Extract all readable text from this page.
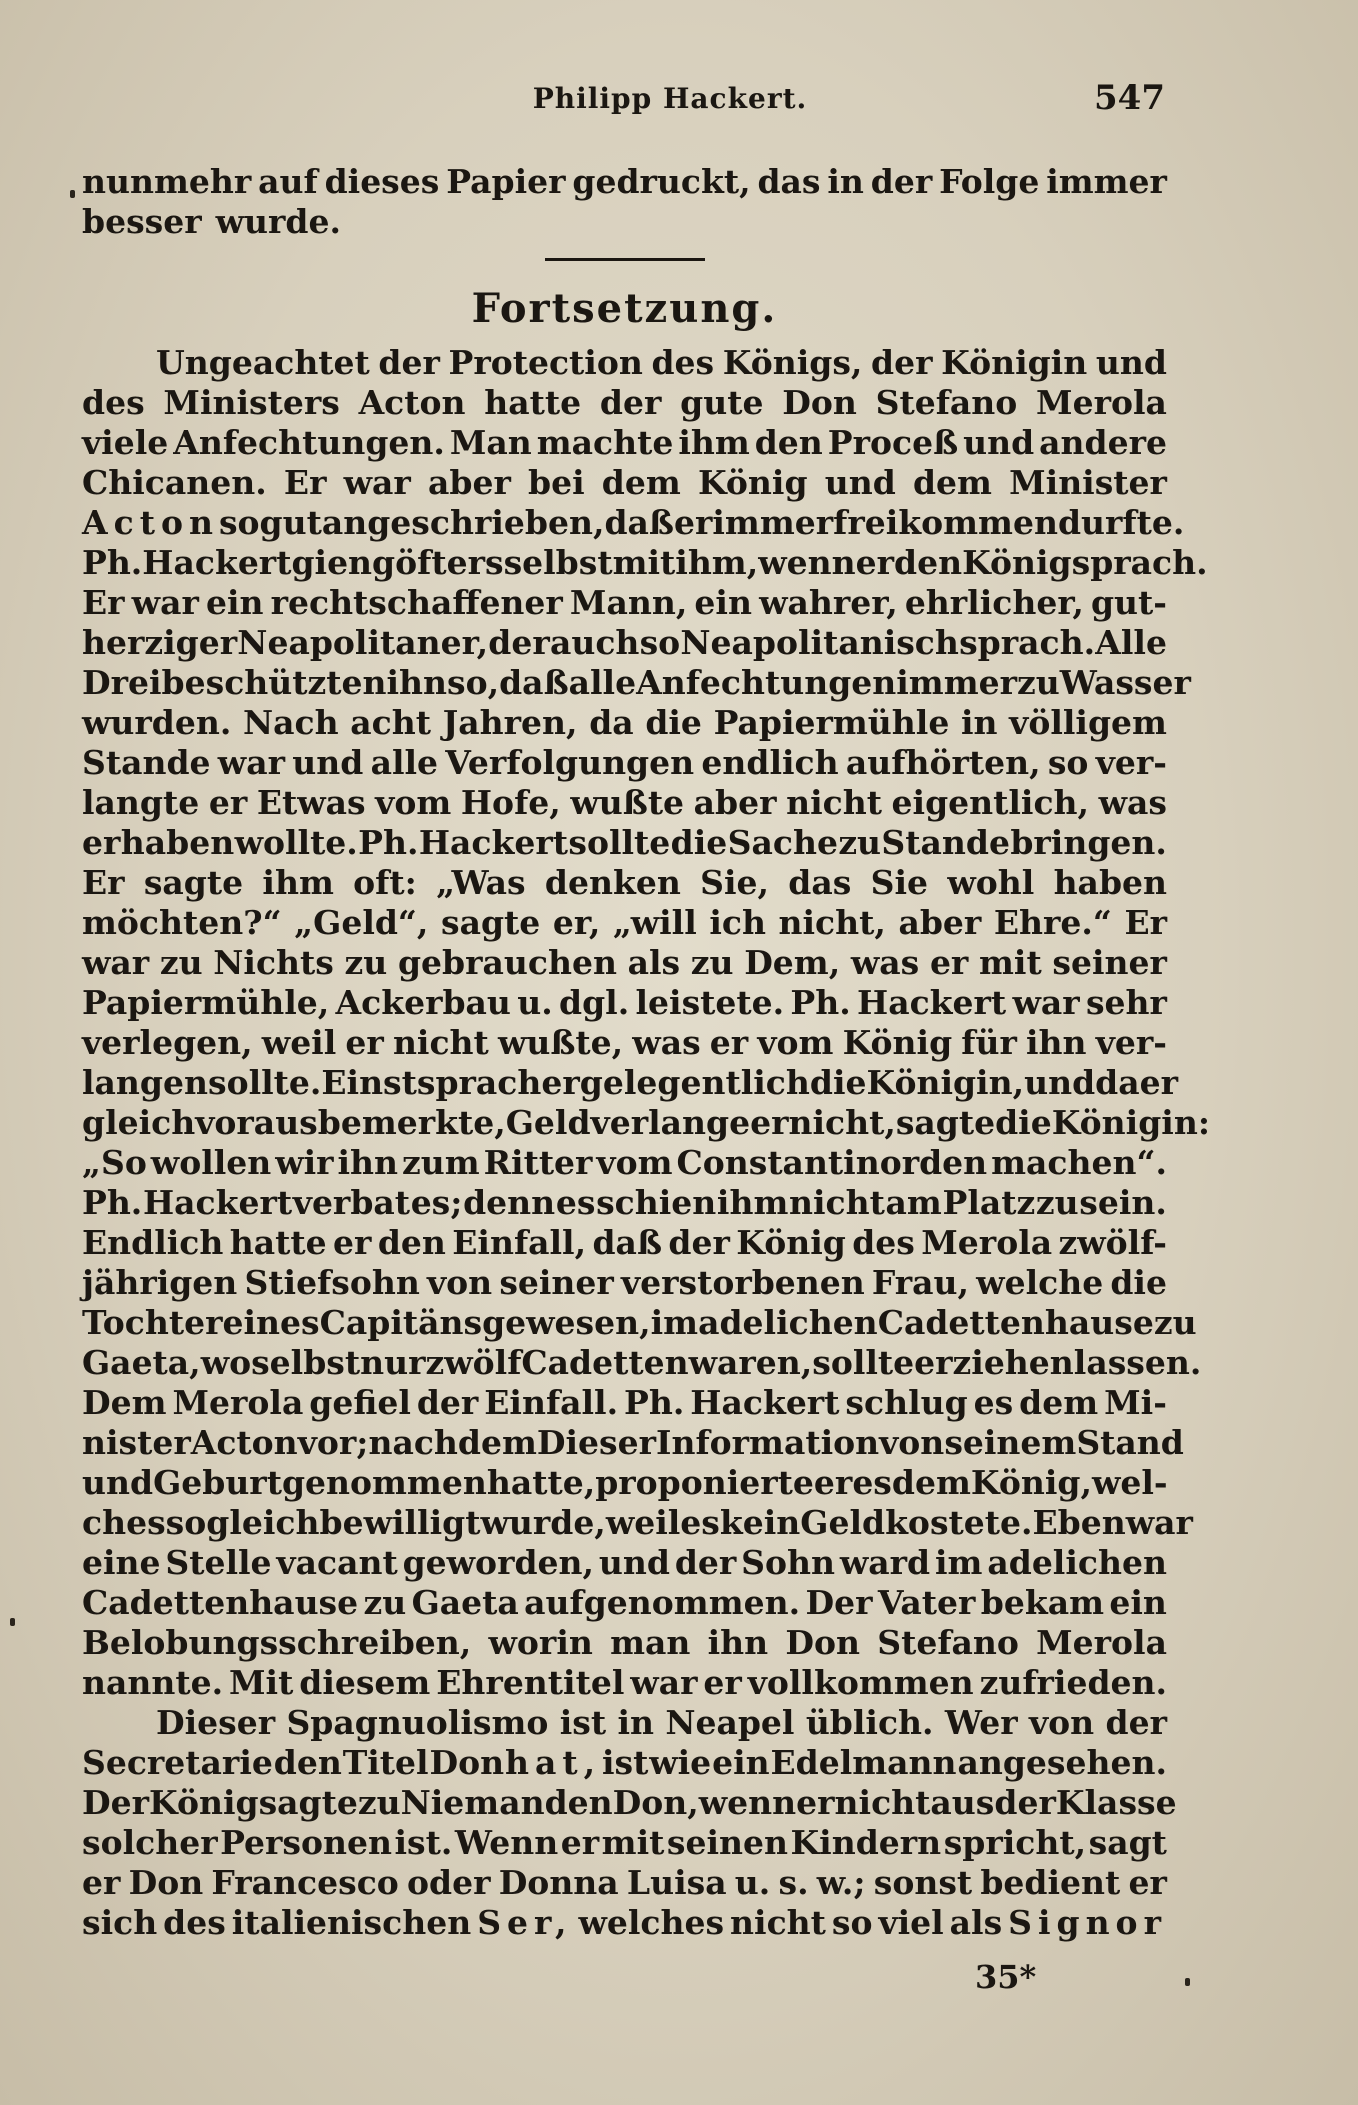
Philipp Hackert.	547
nunmehr auf dieses Papier gedruckt, das in der Folge immer
besser wurde.
Fortsetzung.
Ungeachtet der Protection des Königs, der Königin und
des Ministers Acton hatte der gute Don Stefano Merola
viele Anfechtungen. Man machte ihm den Proceß und andere
Chicanen. Er war aber bei dem König und dem Minister
Acton so gut angeschrieben, daß er immer frei kommen durfte.
Ph. Hackert gieng öfters selbst mit ihm, wenn er den König sprach.
Er war ein rechtschaffener Mann, ein wahrer, ehrlicher, gut-
herziger Neapolitaner, der auch so Neapolitanisch sprach. Alle
Drei beschützten ihn so, daß alle Anfechtungen immer zu Wasser
wurden. Nach acht Jahren, da die Papiermühle in völligem
Stande war und alle Verfolgungen endlich aufhörten, so ver-
langte er Etwas vom Hofe, wußte aber nicht eigentlich, was
er haben wollte. Ph. Hackert sollte die Sache zu Stande bringen.
Er sagte ihm oft: „Was denken Sie, das Sie wohl haben
möchten?“ „Geld“, sagte er, „will ich nicht, aber Ehre.“ Er
war zu Nichts zu gebrauchen als zu Dem, was er mit seiner
Papiermühle, Ackerbau u. dgl. leistete. Ph. Hackert war sehr
verlegen, weil er nicht wußte, was er vom König für ihn ver-
langen sollte. Einst sprach er gelegentlich die Königin, und da er
gleich voraus bemerkte, Geld verlange er nicht, sagte die Königin:
„So wollen wir ihn zum Ritter vom Constantinorden machen“.
Ph. Hackert verbat es; denn es schien ihm nicht am Platz zu sein.
Endlich hatte er den Einfall, daß der König des Merola zwölf-
jährigen Stiefsohn von seiner verstorbenen Frau, welche die
Tochter eines Capitäns gewesen, im adelichen Cadettenhause zu
Gaeta, woselbst nur zwölf Cadetten waren, sollte erziehen lassen.
Dem Merola gefiel der Einfall. Ph. Hackert schlug es dem Mi-
nister Acton vor; nachdem Dieser Information von seinem Stand
und Geburt genommen hatte, proponierte er es dem König, wel-
ches sogleich bewilligt wurde, weil es kein Geld kostete. Eben war
eine Stelle vacant geworden, und der Sohn ward im adelichen
Cadettenhause zu Gaeta aufgenommen. Der Vater bekam ein
Belobungsschreiben, worin man ihn Don Stefano Merola
nannte. Mit diesem Ehrentitel war er vollkommen zufrieden.
Dieser Spagnuolismo ist in Neapel üblich. Wer von der
Secretarie den Titel Don hat, ist wie ein Edelmann angesehen.
Der König sagte zu Niemanden Don, wenn er nicht aus der Klasse
solcher Personen ist. Wenn er mit seinen Kindern spricht, sagt
er Don Francesco oder Donna Luisa u. s. w.; sonst bedient er
sich des italienischen Ser, welches nicht so viel als Signor
35*
